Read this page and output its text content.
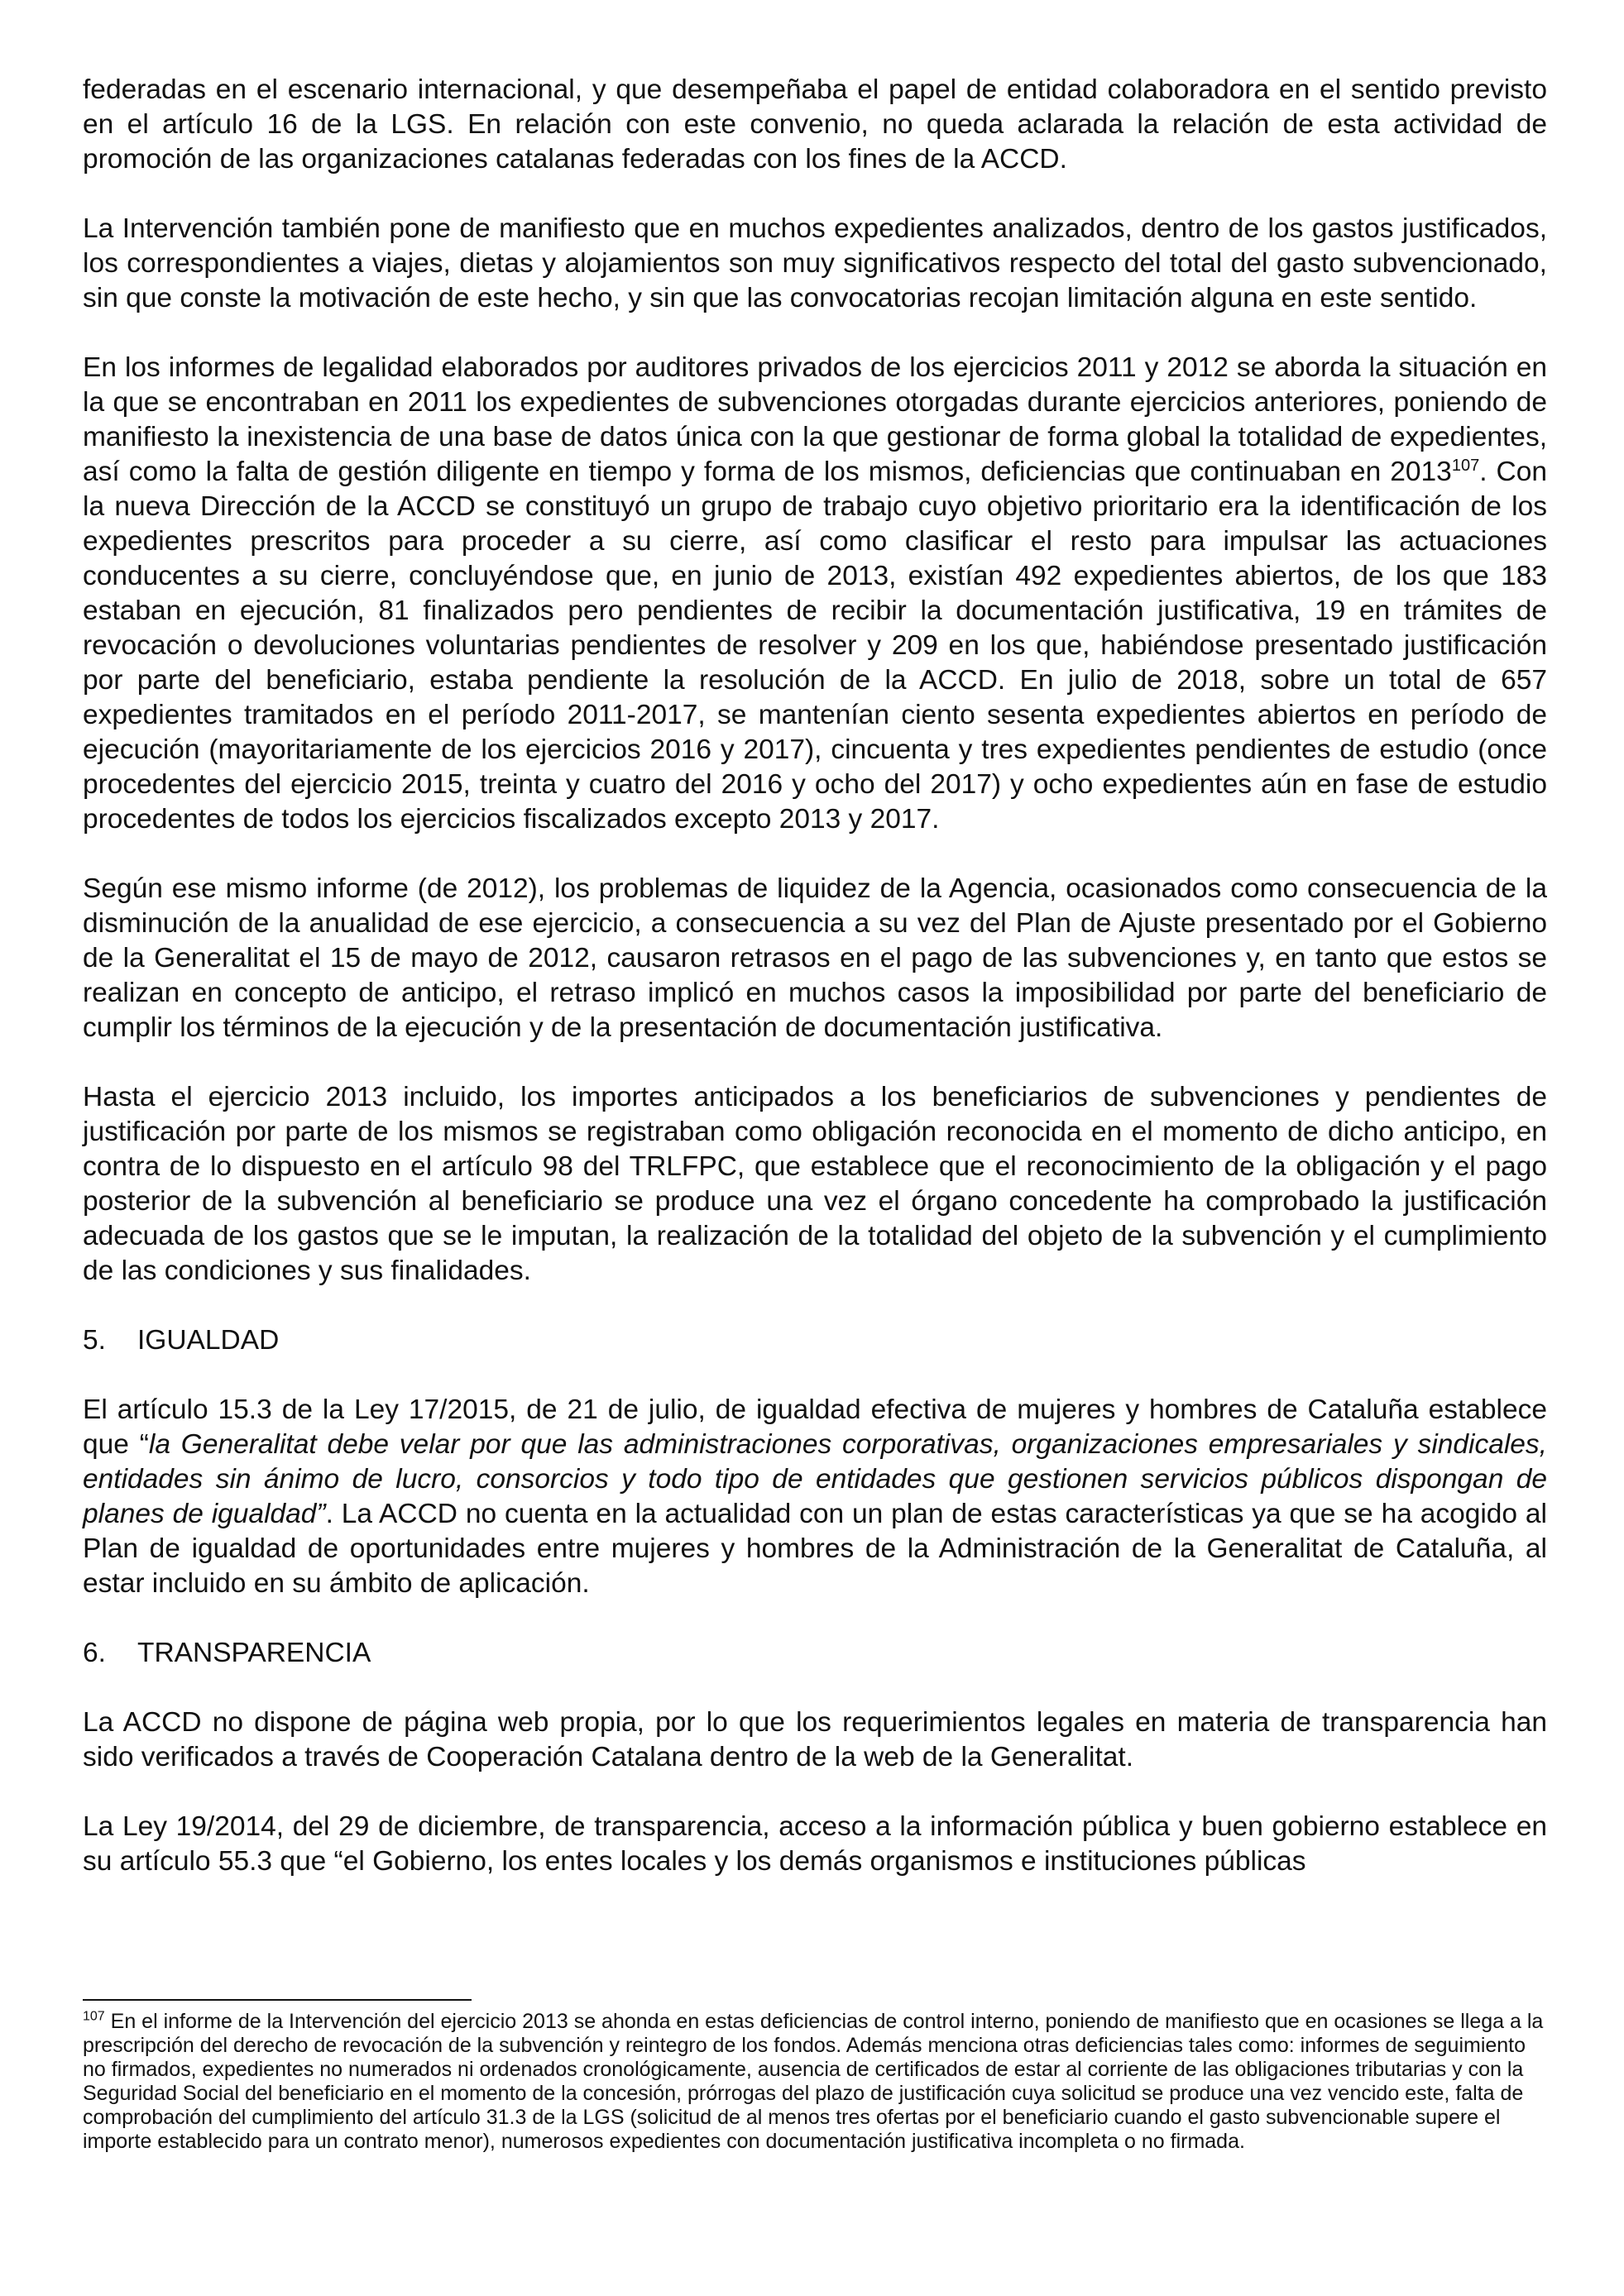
federadas en el escenario internacional, y que desempeñaba el papel de entidad colaboradora en el sentido previsto en el artículo 16 de la LGS. En relación con este convenio, no queda aclarada la relación de esta actividad de promoción de las organizaciones catalanas federadas con los fines de la ACCD.

La Intervención también pone de manifiesto que en muchos expedientes analizados, dentro de los gastos justificados, los correspondientes a viajes, dietas y alojamientos son muy significativos respecto del total del gasto subvencionado, sin que conste la motivación de este hecho, y sin que las convocatorias recojan limitación alguna en este sentido.

En los informes de legalidad elaborados por auditores privados de los ejercicios 2011 y 2012 se aborda la situación en la que se encontraban en 2011 los expedientes de subvenciones otorgadas durante ejercicios anteriores, poniendo de manifiesto la inexistencia de una base de datos única con la que gestionar de forma global la totalidad de expedientes, así como la falta de gestión diligente en tiempo y forma de los mismos, deficiencias que continuaban en 2013$^{107}$. Con la nueva Dirección de la ACCD se constituyó un grupo de trabajo cuyo objetivo prioritario era la identificación de los expedientes prescritos para proceder a su cierre, así como clasificar el resto para impulsar las actuaciones conducentes a su cierre, concluyéndose que, en junio de 2013, existían 492 expedientes abiertos, de los que 183 estaban en ejecución, 81 finalizados pero pendientes de recibir la documentación justificativa, 19 en trámites de revocación o devoluciones voluntarias pendientes de resolver y 209 en los que, habiéndose presentado justificación por parte del beneficiario, estaba pendiente la resolución de la ACCD. En julio de 2018, sobre un total de 657 expedientes tramitados en el período 2011-2017, se mantenían ciento sesenta expedientes abiertos en período de ejecución (mayoritariamente de los ejercicios 2016 y 2017), cincuenta y tres expedientes pendientes de estudio (once procedentes del ejercicio 2015, treinta y cuatro del 2016 y ocho del 2017) y ocho expedientes aún en fase de estudio procedentes de todos los ejercicios fiscalizados excepto 2013 y 2017.

Según ese mismo informe (de 2012), los problemas de liquidez de la Agencia, ocasionados como consecuencia de la disminución de la anualidad de ese ejercicio, a consecuencia a su vez del Plan de Ajuste presentado por el Gobierno de la Generalitat el 15 de mayo de 2012, causaron retrasos en el pago de las subvenciones y, en tanto que estos se realizan en concepto de anticipo, el retraso implicó en muchos casos la imposibilidad por parte del beneficiario de cumplir los términos de la ejecución y de la presentación de documentación justificativa.

Hasta el ejercicio 2013 incluido, los importes anticipados a los beneficiarios de subvenciones y pendientes de justificación por parte de los mismos se registraban como obligación reconocida en el momento de dicho anticipo, en contra de lo dispuesto en el artículo 98 del TRLFPC, que establece que el reconocimiento de la obligación y el pago posterior de la subvención al beneficiario se produce una vez el órgano concedente ha comprobado la justificación adecuada de los gastos que se le imputan, la realización de la totalidad del objeto de la subvención y el cumplimiento de las condiciones y sus finalidades.

5. IGUALDAD

El artículo 15.3 de la Ley 17/2015, de 21 de julio, de igualdad efectiva de mujeres y hombres de Cataluña establece que “la Generalitat debe velar por que las administraciones corporativas, organizaciones empresariales y sindicales, entidades sin ánimo de lucro, consorcios y todo tipo de entidades que gestionen servicios públicos dispongan de planes de igualdad”. La ACCD no cuenta en la actualidad con un plan de estas características ya que se ha acogido al Plan de igualdad de oportunidades entre mujeres y hombres de la Administración de la Generalitat de Cataluña, al estar incluido en su ámbito de aplicación.

6. TRANSPARENCIA

La ACCD no dispone de página web propia, por lo que los requerimientos legales en materia de transparencia han sido verificados a través de Cooperación Catalana dentro de la web de la Generalitat.

La Ley 19/2014, del 29 de diciembre, de transparencia, acceso a la información pública y buen gobierno establece en su artículo 55.3 que “el Gobierno, los entes locales y los demás organismos e instituciones públicas

$^{107}$ En el informe de la Intervención del ejercicio 2013 se ahonda en estas deficiencias de control interno, poniendo de manifiesto que en ocasiones se llega a la prescripción del derecho de revocación de la subvención y reintegro de los fondos. Además menciona otras deficiencias tales como: informes de seguimiento no firmados, expedientes no numerados ni ordenados cronológicamente, ausencia de certificados de estar al corriente de las obligaciones tributarias y con la Seguridad Social del beneficiario en el momento de la concesión, prórrogas del plazo de justificación cuya solicitud se produce una vez vencido este, falta de comprobación del cumplimiento del artículo 31.3 de la LGS (solicitud de al menos tres ofertas por el beneficiario cuando el gasto subvencionable supere el importe establecido para un contrato menor), numerosos expedientes con documentación justificativa incompleta o no firmada.
